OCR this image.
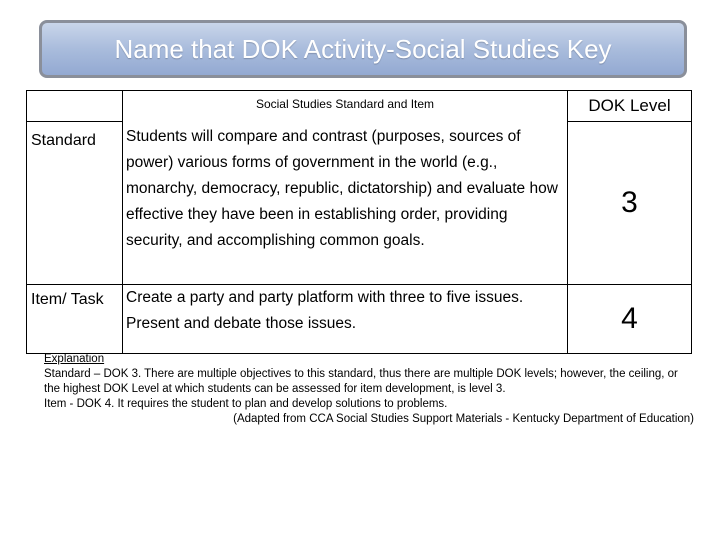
Name that DOK Activity-Social Studies Key
	Social Studies Standard and Item	DOK Level
Standard	Students will compare and contrast (purposes, sources of power) various forms of government in the world (e.g., monarchy, democracy, republic, dictatorship) and evaluate how effective they have been in establishing order, providing security, and accomplishing common goals.	3
Item/ Task	Create a party and party platform with three to five issues. Present and debate those issues.	4
Explanation
Standard – DOK 3. There are multiple objectives to this standard, thus there are multiple DOK levels; however, the ceiling, or the highest DOK Level at which students can be assessed for item development, is level 3.
Item - DOK 4. It requires the student to plan and develop solutions to problems.
(Adapted from CCA Social Studies Support Materials - Kentucky Department of Education)
